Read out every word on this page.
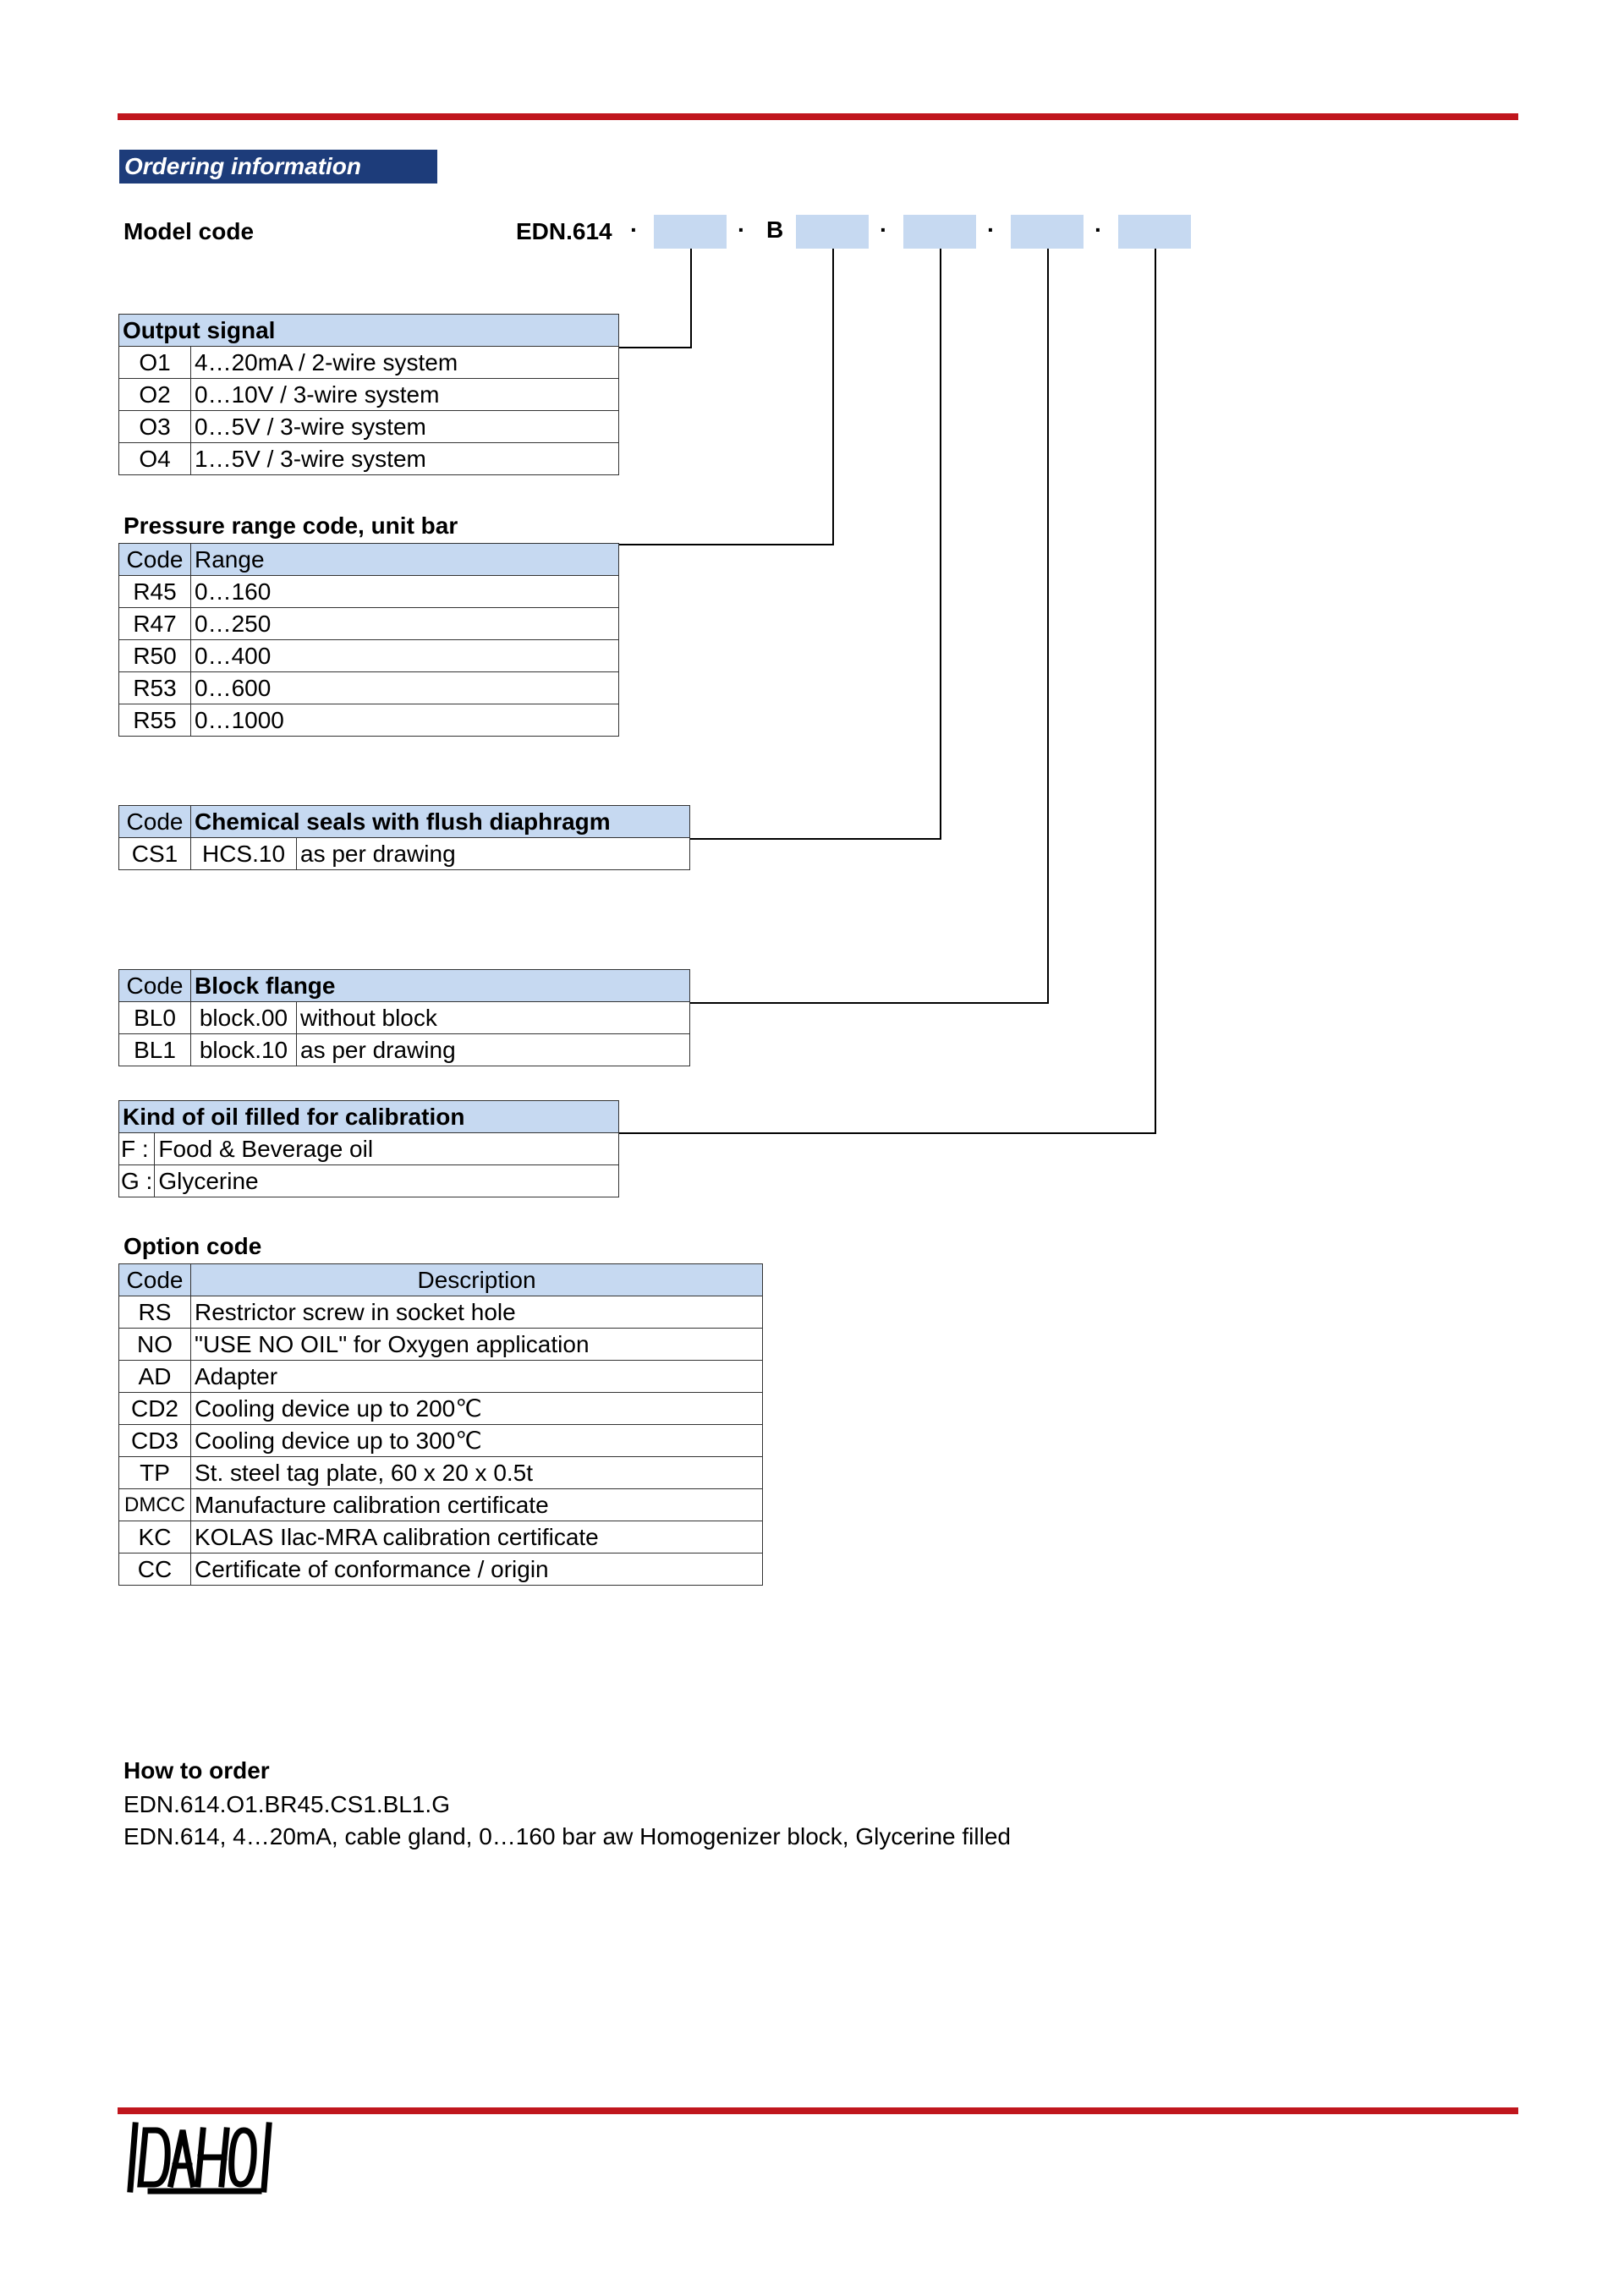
Ordering information
Model code	EDN.614 ·	· B	·	·	·
Output signal	
O1	4…20mA / 2-wire system
O2	0…10V / 3-wire system
O3	0…5V / 3-wire system
O4	1…5V / 3-wire system
Pressure range code, unit bar
Code	Range
R45	0…160
R47	0…250
R50	0…400
R53	0…600
R55	0…1000
Code	Chemical seals with flush diaphragm	
CS1	HCS.10	as per drawing
Code	Block flange	
BL0	block.00	without block
BL1	block.10	as per drawing
Kind of oil filled for calibration	
F :	Food & Beverage oil
G :	Glycerine
Option code
Code	Description
RS	Restrictor screw in socket hole
NO	"USE NO OIL" for Oxygen application
AD	Adapter
CD2	Cooling device up to 200℃
CD3	Cooling device up to 300℃
TP	St. steel tag plate, 60 x 20 x 0.5t
DMCC	Manufacture calibration certificate
KC	KOLAS Ilac-MRA calibration certificate
CC	Certificate of conformance / origin
How to order
EDN.614.O1.BR45.CS1.BL1.G
EDN.614, 4…20mA, cable gland, 0…160 bar aw Homogenizer block, Glycerine filled
